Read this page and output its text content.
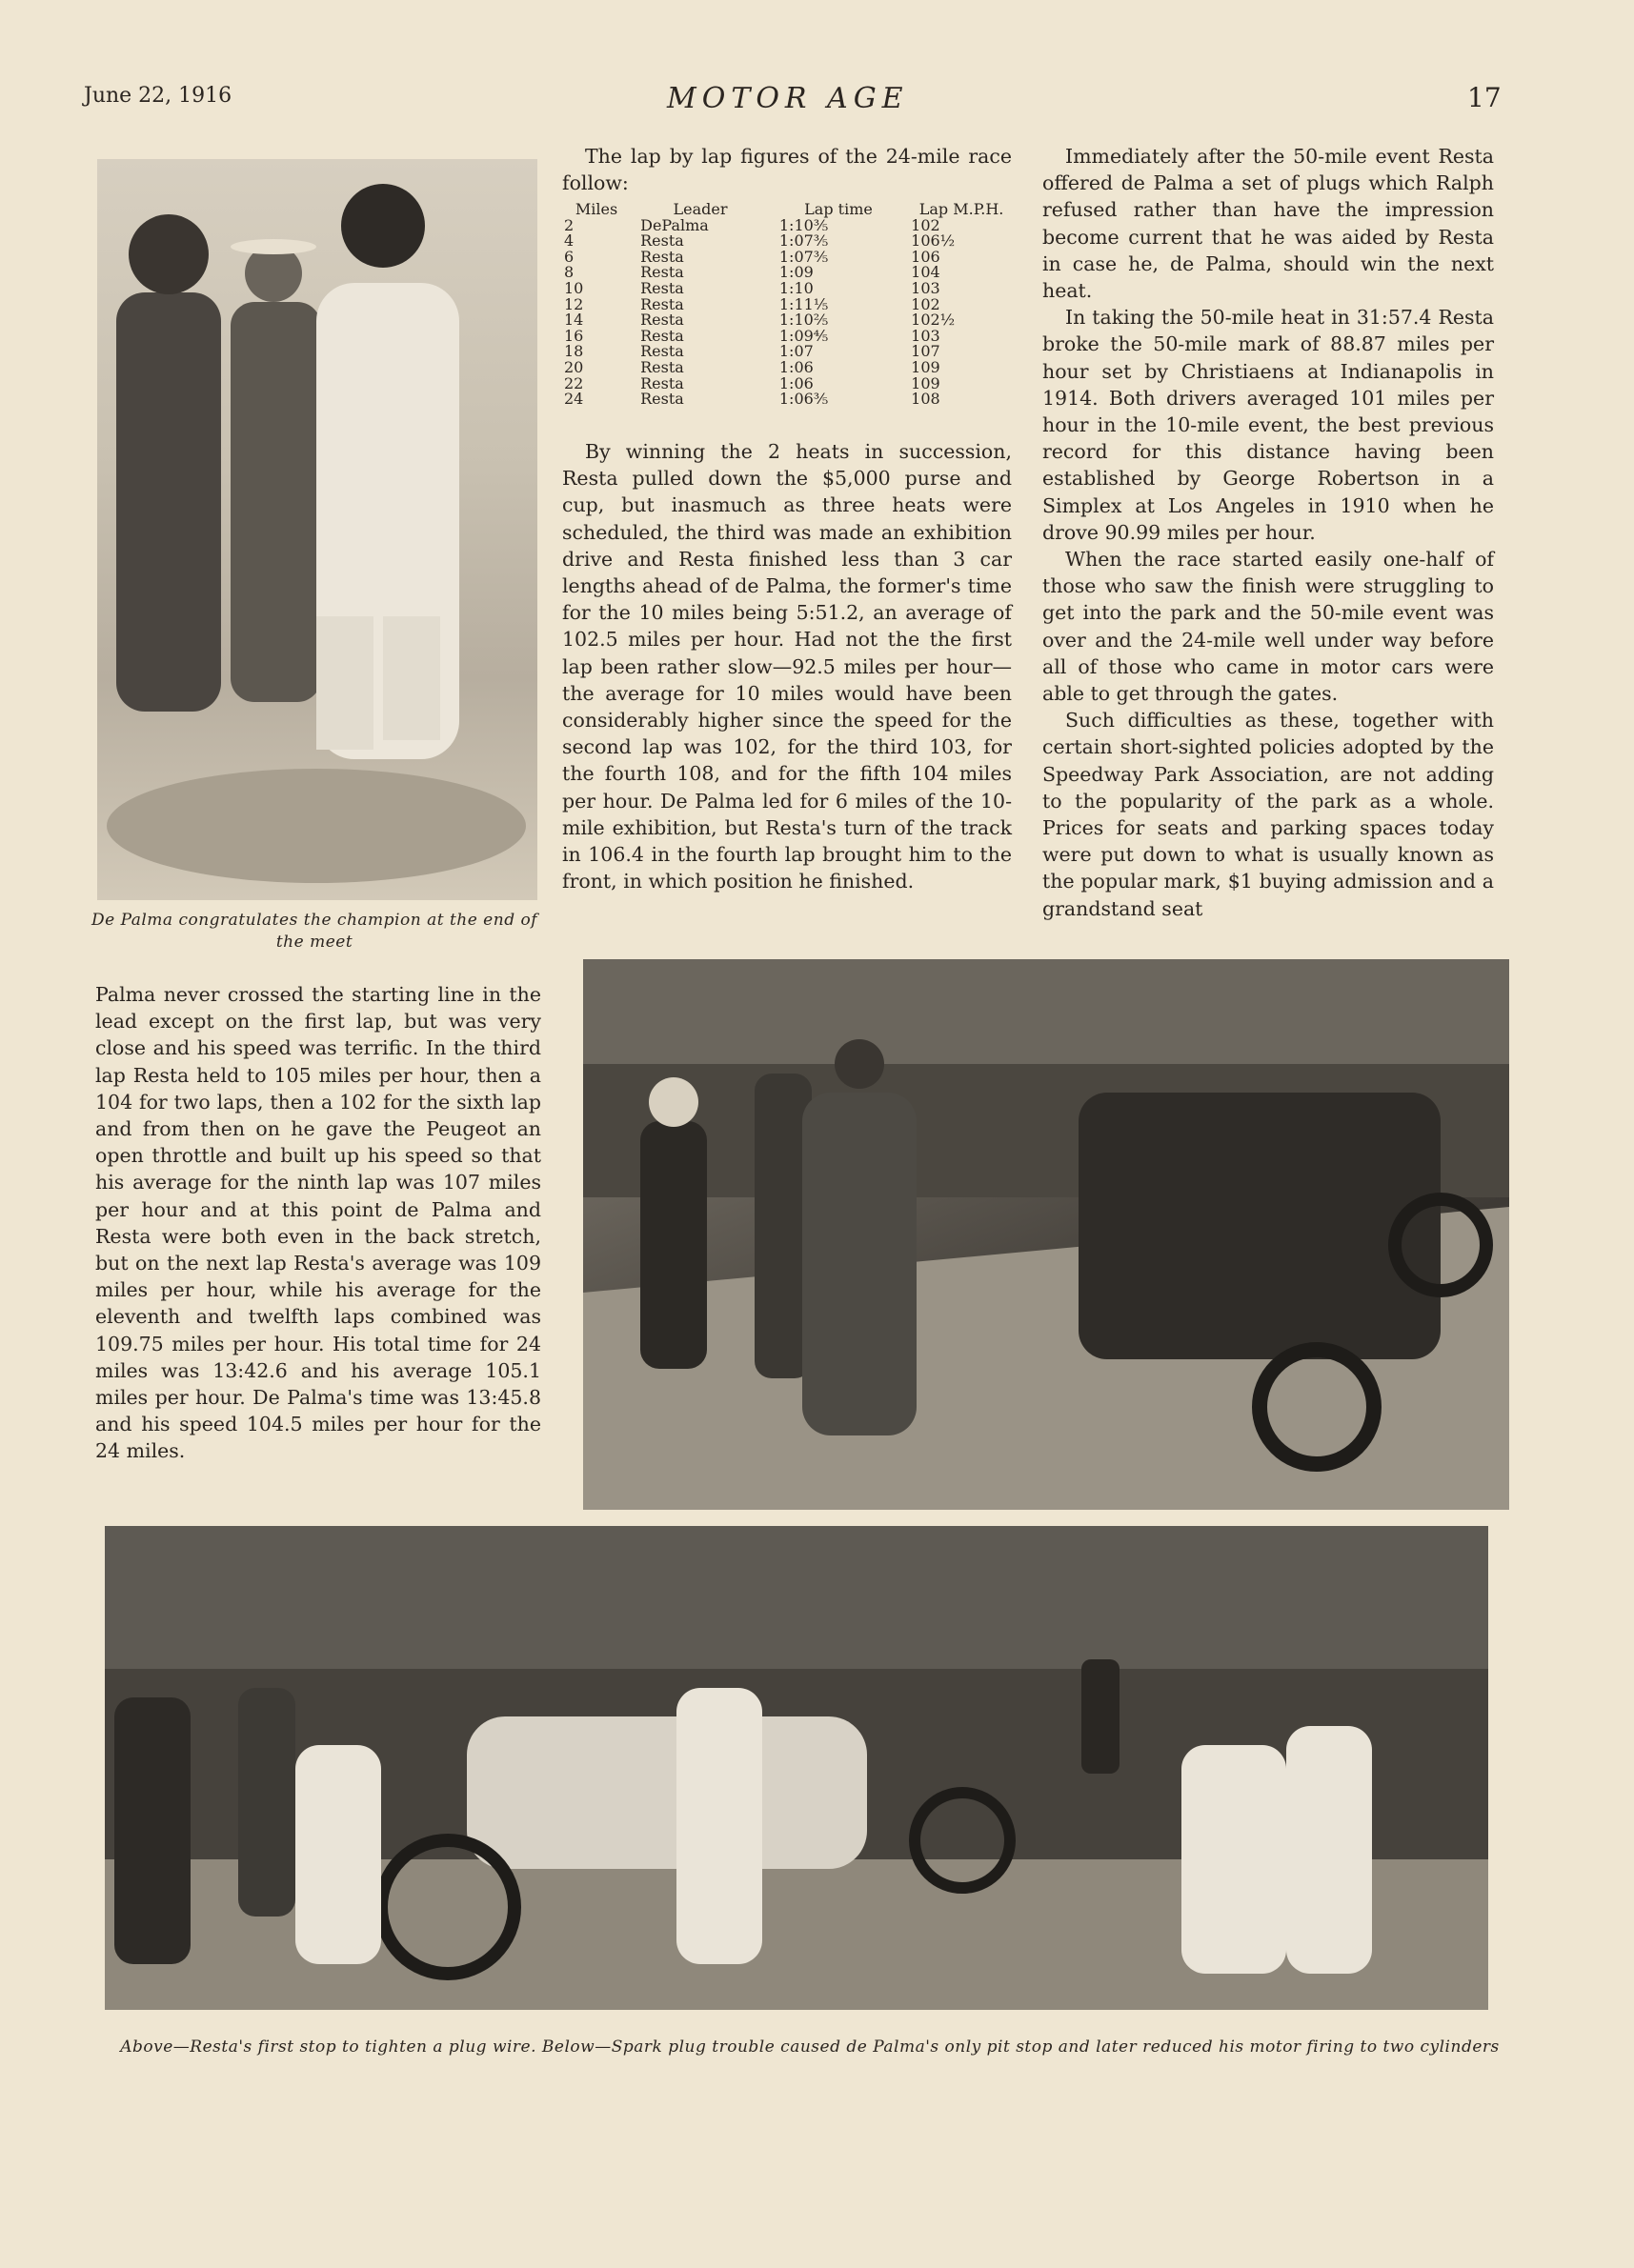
June 22, 1916	MOTOR AGE	17
De Palma congratulates the champion at the end of the meet

The lap by lap figures of the 24-mile race follow:

Miles	Leader	Lap time	Lap M.P.H.
2	DePalma	1:10⅗	102
4	Resta	1:07⅗	106½
6	Resta	1:07⅗	106
8	Resta	1:09	104
10	Resta	1:10	103
12	Resta	1:11⅕	102
14	Resta	1:10⅖	102½
16	Resta	1:09⅘	103
18	Resta	1:07	107
20	Resta	1:06	109
22	Resta	1:06	109
24	Resta	1:06⅗	108

By winning the 2 heats in succession, Resta pulled down the $5,000 purse and cup, but inasmuch as three heats were scheduled, the third was made an exhibition drive and Resta finished less than 3 car lengths ahead of de Palma, the former's time for the 10 miles being 5:51.2, an average of 102.5 miles per hour. Had not the the first lap been rather slow—92.5 miles per hour—the average for 10 miles would have been considerably higher since the speed for the second lap was 102, for the third 103, for the fourth 108, and for the fifth 104 miles per hour. De Palma led for 6 miles of the 10-mile exhibition, but Resta's turn of the track in 106.4 in the fourth lap brought him to the front, in which position he finished.

Immediately after the 50-mile event Resta offered de Palma a set of plugs which Ralph refused rather than have the impression become current that he was aided by Resta in case he, de Palma, should win the next heat.

In taking the 50-mile heat in 31:57.4 Resta broke the 50-mile mark of 88.87 miles per hour set by Christiaens at Indianapolis in 1914. Both drivers averaged 101 miles per hour in the 10-mile event, the best previous record for this distance having been established by George Robertson in a Simplex at Los Angeles in 1910 when he drove 90.99 miles per hour.

When the race started easily one-half of those who saw the finish were struggling to get into the park and the 50-mile event was over and the 24-mile well under way before all of those who came in motor cars were able to get through the gates.

Such difficulties as these, together with certain short-sighted policies adopted by the Speedway Park Association, are not adding to the popularity of the park as a whole. Prices for seats and parking spaces today were put down to what is usually known as the popular mark, $1 buying admission and a grandstand seat

Palma never crossed the starting line in the lead except on the first lap, but was very close and his speed was terrific. In the third lap Resta held to 105 miles per hour, then a 104 for two laps, then a 102 for the sixth lap and from then on he gave the Peugeot an open throttle and built up his speed so that his average for the ninth lap was 107 miles per hour and at this point de Palma and Resta were both even in the back stretch, but on the next lap Resta's average was 109 miles per hour, while his average for the eleventh and twelfth laps combined was 109.75 miles per hour. His total time for 24 miles was 13:42.6 and his average 105.1 miles per hour. De Palma's time was 13:45.8 and his speed 104.5 miles per hour for the 24 miles.

Above—Resta's first stop to tighten a plug wire. Below—Spark plug trouble caused de Palma's only pit stop and later reduced his motor firing to two cylinders
